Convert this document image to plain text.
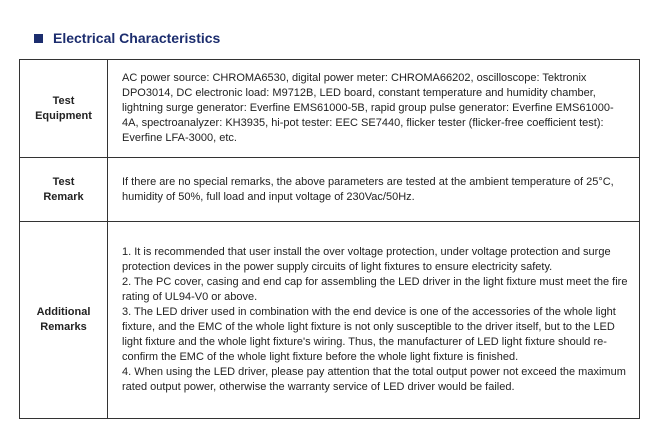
Electrical Characteristics
Test
Equipment	AC power source: CHROMA6530, digital power meter: CHROMA66202, oscilloscope: Tektronix DPO3014, DC electronic load: M9712B, LED board, constant temperature and humidity chamber, lightning surge generator: Everfine EMS61000-5B, rapid group pulse generator: Everfine EMS61000-4A, spectroanalyzer: KH3935, hi-pot tester: EEC SE7440, flicker tester (flicker-free coefficient test): Everfine LFA-3000, etc.

Test
Remark	If there are no special remarks, the above parameters are tested at the ambient temperature of 25°C, humidity of 50%, full load and input voltage of 230Vac/50Hz.

Additional
Remarks	1. It is recommended that user install the over voltage protection, under voltage protection and surge protection devices in the power supply circuits of light fixtures to ensure electricity safety.
2. The PC cover, casing and end cap for assembling the LED driver in the light fixture must meet the fire rating of UL94-V0 or above.
3. The LED driver used in combination with the end device is one of the accessories of the whole light fixture, and the EMC of the whole light fixture is not only susceptible to the driver itself, but to the LED light fixture and the whole light fixture's wiring. Thus, the manufacturer of LED light fixture should re-confirm the EMC of the whole light fixture before the whole light fixture is finished.
4. When using the LED driver, please pay attention that the total output power not exceed the maximum rated output power, otherwise the warranty service of LED driver would be failed.
